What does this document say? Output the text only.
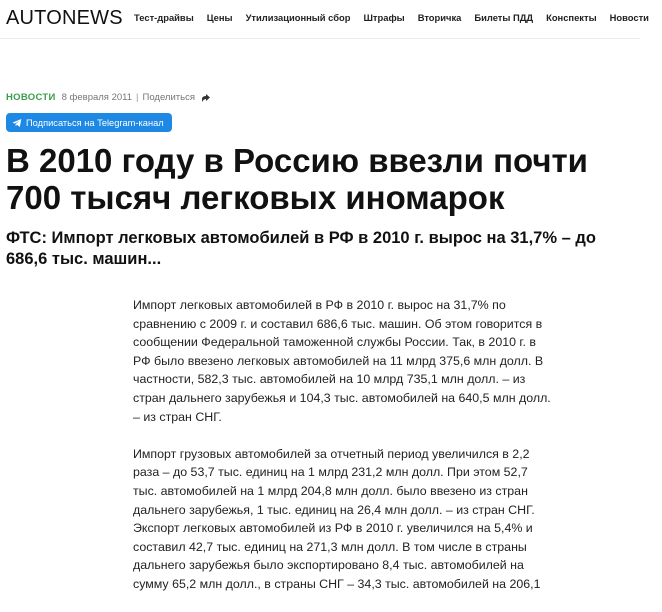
AUTONEWS Тест-драйвы Цены Утилизационный сбор Штрафы Вторичка Билеты ПДД Конспекты Новости
НОВОСТИ 8 февраля 2011 | Поделиться
Подписаться на Telegram-канал
В 2010 году в Россию ввезли почти 700 тысяч легковых иномарок
ФТС: Импорт легковых автомобилей в РФ в 2010 г. вырос на 31,7% – до 686,6 тыс. машин...

Импорт легковых автомобилей в РФ в 2010 г. вырос на 31,7% по сравнению с 2009 г. и составил 686,6 тыс. машин. Об этом говорится в сообщении Федеральной таможенной службы России. Так, в 2010 г. в РФ было ввезено легковых автомобилей на 11 млрд 375,6 млн долл. В частности, 582,3 тыс. автомобилей на 10 млрд 735,1 млн долл. – из стран дальнего зарубежья и 104,3 тыс. автомобилей на 640,5 млн долл. – из стран СНГ.

Импорт грузовых автомобилей за отчетный период увеличился в 2,2 раза – до 53,7 тыс. единиц на 1 млрд 231,2 млн долл. При этом 52,7 тыс. автомобилей на 1 млрд 204,8 млн долл. было ввезено из стран дальнего зарубежья, 1 тыс. единиц на 26,4 млн долл. – из стран СНГ. Экспорт легковых автомобилей из РФ в 2010 г. увеличился на 5,4% и составил 42,7 тыс. единиц на 271,3 млн долл. В том числе в страны дальнего зарубежья было экспортировано 8,4 тыс. автомобилей на сумму 65,2 млн долл., в страны СНГ – 34,3 тыс. автомобилей на 206,1
